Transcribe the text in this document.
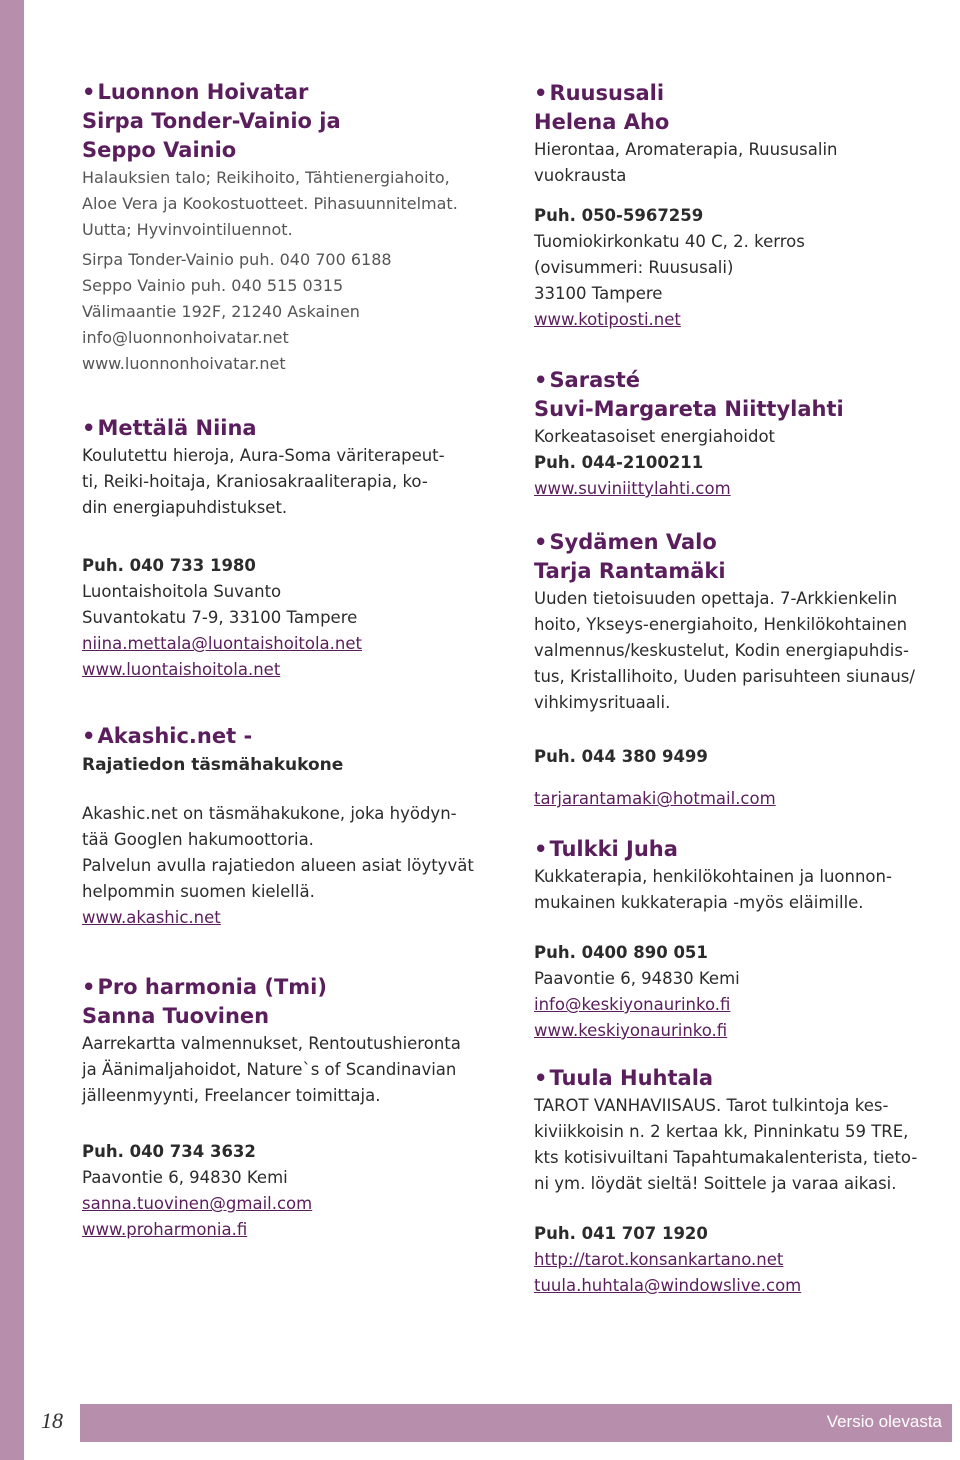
• Luonnon Hoivatar
Sirpa Tonder-Vainio ja
Seppo Vainio
Halauksien talo; Reikihoito, Tähtienergiahoito,
Aloe Vera ja Kookostuotteet. Pihasuunnitelmat.
Uutta; Hyvinvointiluennot.
Sirpa Tonder-Vainio puh. 040 700 6188
Seppo Vainio puh. 040 515 0315
Välimaantie 192F, 21240 Askainen
info@luonnonhoivatar.net
www.luonnonhoivatar.net
• Mettälä Niina
Koulutettu hieroja, Aura-Soma väriterapeut-
ti, Reiki-hoitaja, Kraniosakraaliterapia, ko-
din energiapuhdistukset.
Puh. 040 733 1980
Luontaishoitola Suvanto
Suvantokatu 7-9, 33100 Tampere
niina.mettala@luontaishoitola.net
www.luontaishoitola.net
• Akashic.net -
Rajatiedon täsmähakukone
Akashic.net on täsmähakukone, joka hyödyn-
tää Googlen hakumoottoria.
Palvelun avulla rajatiedon alueen asiat löytyvät
helpommin suomen kielellä.
www.akashic.net
• Pro harmonia (Tmi)
Sanna Tuovinen
Aarrekartta valmennukset, Rentoutushieronta
ja Äänimaljahoidot, Nature`s of Scandinavian
jälleenmyynti, Freelancer toimittaja.
Puh. 040 734 3632
Paavontie 6, 94830 Kemi
sanna.tuovinen@gmail.com
www.proharmonia.fi
• Ruususali
Helena Aho
Hierontaa, Aromaterapia, Ruususalin
vuokrausta
Puh. 050-5967259
Tuomiokirkonkatu 40 C, 2. kerros
(ovisummeri: Ruususali)
33100 Tampere
www.kotiposti.net
• Sarasté
Suvi-Margareta Niittylahti
Korkeatasoiset energiahoidot
Puh. 044-2100211
www.suviniittylahti.com
• Sydämen Valo
Tarja Rantamäki
Uuden tietoisuuden opettaja. 7-Arkkienkelin
hoito, Ykseys-energiahoito, Henkilökohtainen
valmennus/keskustelut, Kodin energiapuhdis-
tus, Kristallihoito, Uuden parisuhteen siunaus/
vihkimysrituaali.
Puh. 044 380 9499
tarjarantamaki@hotmail.com
• Tulkki Juha
Kukkaterapia, henkilökohtainen ja luonnon-
mukainen kukkaterapia -myös eläimille.
Puh. 0400 890 051
Paavontie 6, 94830 Kemi
info@keskiyonaurinko.fi
www.keskiyonaurinko.fi
• Tuula Huhtala
TAROT VANHAVIISAUS. Tarot tulkintoja kes-
kiviikkoisin n. 2 kertaa kk, Pinninkatu 59 TRE,
kts kotisivuiltani Tapahtumakalenterista, tieto-
ni ym. löydät sieltä! Soittele ja varaa aikasi.
Puh. 041 707 1920
http://tarot.konsankartano.net
tuula.huhtala@windowslive.com
18	Versio olevasta
